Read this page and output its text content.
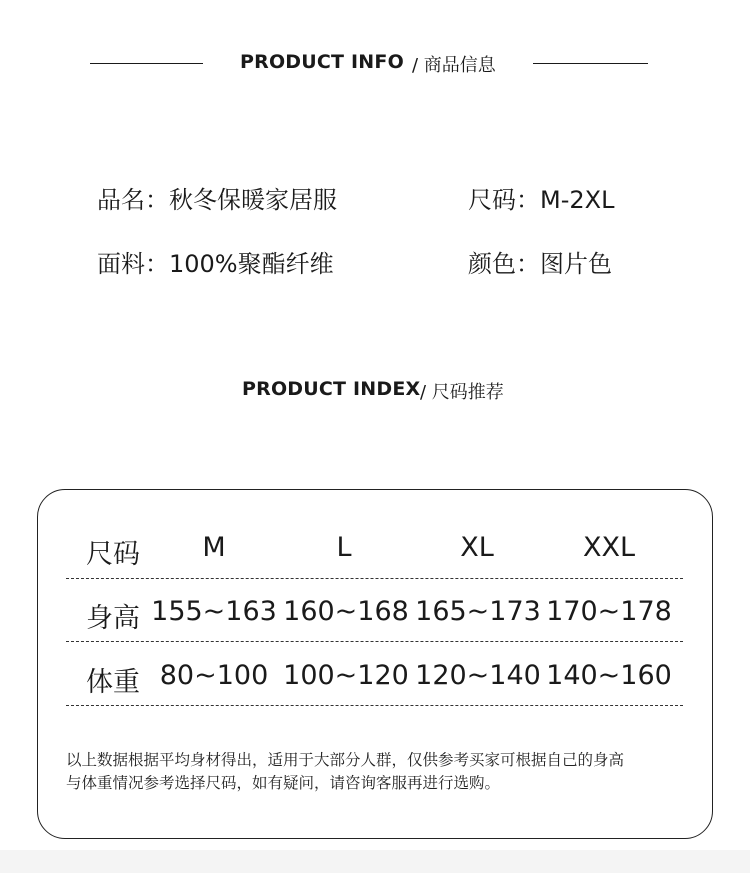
PRODUCT INFO / 商品信息
品名：秋冬保暖家居服	尺码：M-2XL
面料：100%聚酯纤维	颜色：图片色
PRODUCT INDEX / 尺码推荐
尺码 M	L	XL	XXL
身高 155~163 160~168 165~173 170~178
体重 80~100 100~120 120~140 140~160
以上数据根据平均身材得出，适用于大部分人群，仅供参考买家可根据自己的身高
与体重情况参考选择尺码，如有疑问，请咨询客服再进行选购。
